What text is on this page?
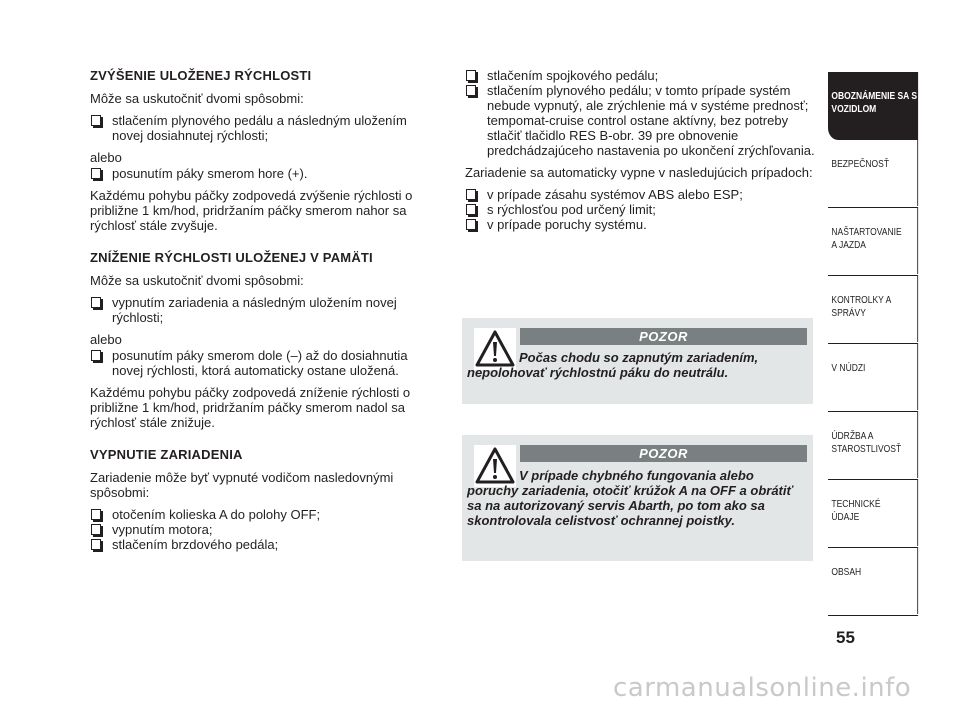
ZVÝŠENIE ULOŽENEJ RÝCHLOSTI

Môže sa uskutočniť dvomi spôsobmi:

stlačením plynového pedálu a následným uložením novej dosiahnutej rýchlosti;

alebo

posunutím páky smerom hore (+).

Každému pohybu páčky zodpovedá zvýšenie rýchlosti o približne 1 km/hod, pridržaním páčky smerom nahor sa rýchlosť stále zvyšuje.

ZNÍŽENIE RÝCHLOSTI ULOŽENEJ V PAMÄTI

Môže sa uskutočniť dvomi spôsobmi:

vypnutím zariadenia a následným uložením novej rýchlosti;

alebo

posunutím páky smerom dole (–) až do dosiahnutia novej rýchlosti, ktorá automaticky ostane uložená.

Každému pohybu páčky zodpovedá zníženie rýchlosti o približne 1 km/hod, pridržaním páčky smerom nadol sa rýchlosť stále znižuje.

VYPNUTIE ZARIADENIA

Zariadenie môže byť vypnuté vodičom nasledovnými spôsobmi:

otočením kolieska A do polohy OFF;
vypnutím motora;
stlačením brzdového pedála;
stlačením spojkového pedálu;
stlačením plynového pedálu; v tomto prípade systém nebude vypnutý, ale zrýchlenie má v systéme prednosť; tempomat-cruise control ostane aktívny, bez potreby stlačiť tlačidlo RES B-obr. 39 pre obnovenie predchádzajúceho nastavenia po ukončení zrýchľovania.

Zariadenie sa automaticky vypne v nasledujúcich prípadoch:

v prípade zásahu systémov ABS alebo ESP;
s rýchlosťou pod určený limit;
v prípade poruchy systému.
POZOR

Počas chodu so zapnutým zariadením, nepolohovať rýchlostnú páku do neutrálu.

POZOR

V prípade chybného fungovania alebo poruchy zariadenia, otočiť krúžok A na OFF a obrátiť sa na autorizovaný servis Abarth, po tom ako sa skontrolovala celistvosť ochrannej poistky.

OBOZNÁMENIE SA S VOZIDLOM
BEZPEČNOSŤ
NAŠTARTOVANIE A JAZDA
KONTROLKY A SPRÁVY
V NÚDZI
ÚDRŽBA A STAROSTLIVOSŤ
TECHNICKÉ ÚDAJE
OBSAH
55
carmanualsonline.info
